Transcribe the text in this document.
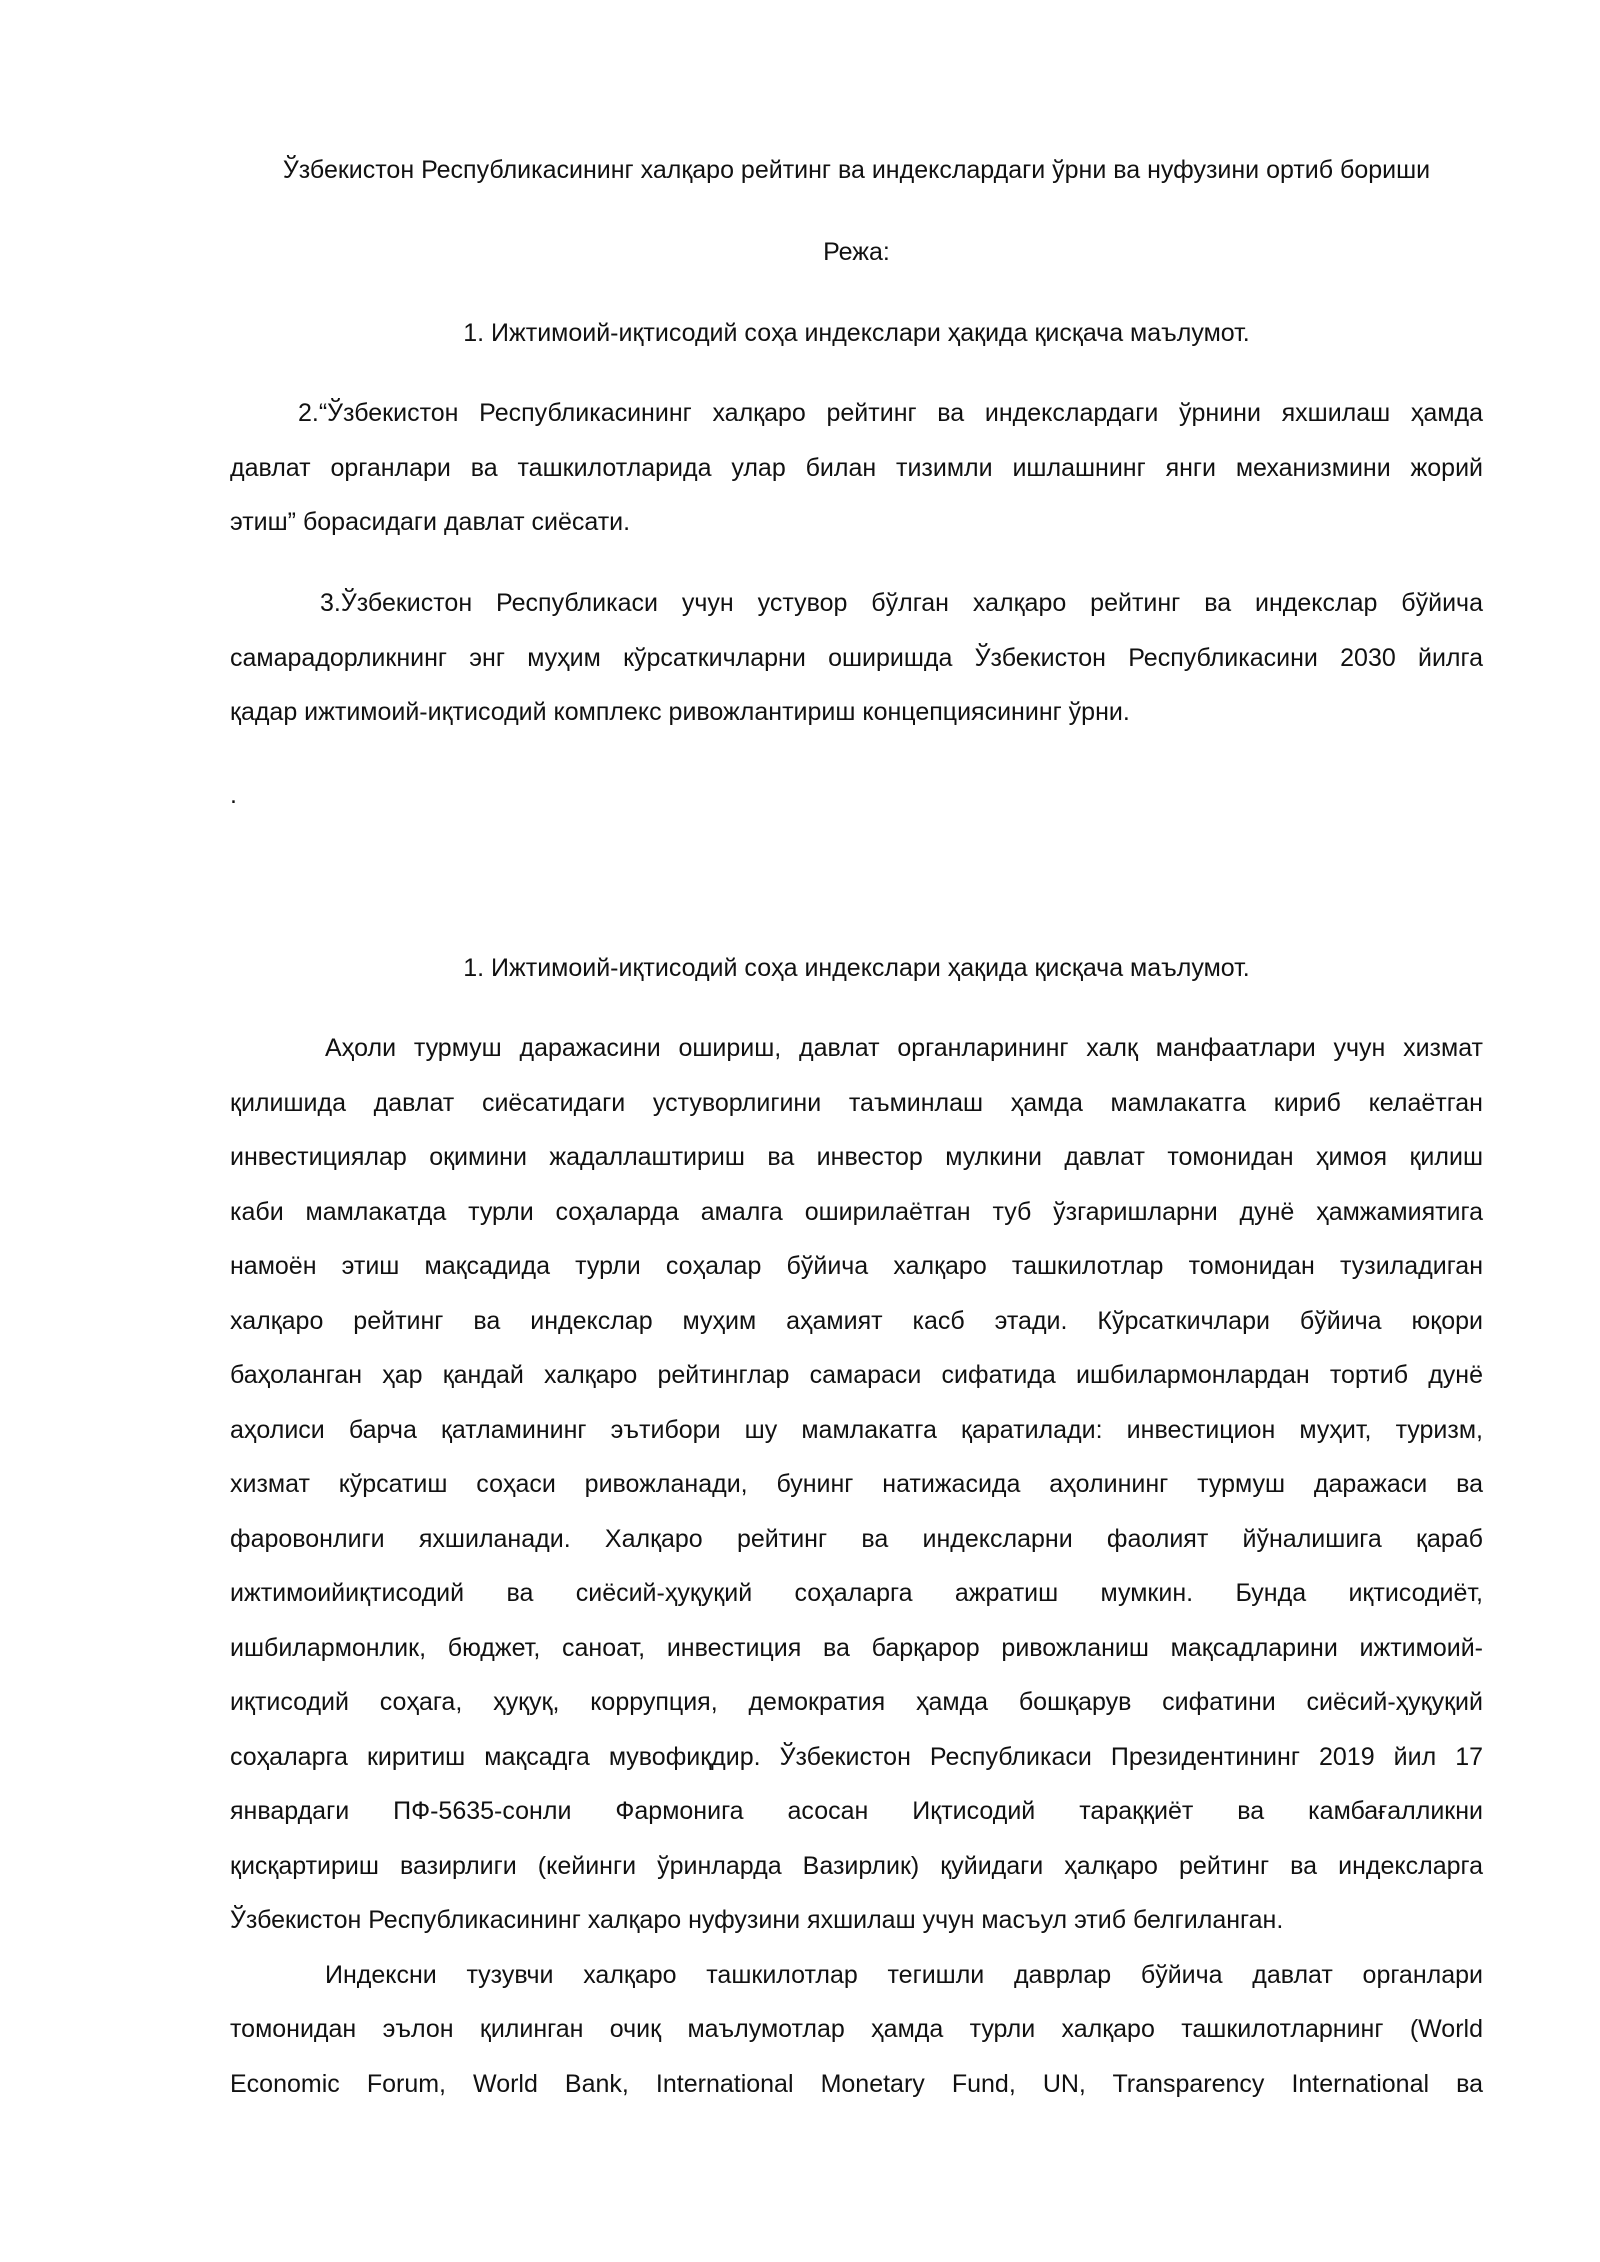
Ўзбекистон Республикасининг халқаро рейтинг ва индекслардаги ўрни ва нуфузини ортиб бориши
Режа:
1. Ижтимоий-иқтисодий соҳа индекслари ҳақида қисқача маълумот.
2.“Ўзбекистон Республикасининг халқаро рейтинг ва индекслардаги ўрнини яхшилаш ҳамда
давлат органлари ва ташкилотларида улар билан тизимли ишлашнинг янги механизмини жорий
этиш” борасидаги давлат сиёсати.
3.Ўзбекистон Республикаси учун устувор бўлган халқаро рейтинг ва индекслар бўйича
самарадорликнинг энг муҳим кўрсаткичларни оширишда Ўзбекистон Республикасини 2030 йилга
қадар ижтимоий-иқтисодий комплекс ривожлантириш концепциясининг ўрни.
.
1. Ижтимоий-иқтисодий соҳа индекслари ҳақида қисқача маълумот.
Аҳоли турмуш даражасини ошириш, давлат органларининг халқ манфаатлари учун хизмат
қилишида давлат сиёсатидаги устуворлигини таъминлаш ҳамда мамлакатга кириб келаётган
инвестициялар оқимини жадаллаштириш ва инвестор мулкини давлат томонидан ҳимоя қилиш
каби мамлакатда турли соҳаларда амалга оширилаётган туб ўзгаришларни дунё ҳамжамиятига
намоён этиш мақсадида турли соҳалар бўйича халқаро ташкилотлар томонидан тузиладиган
халқаро рейтинг ва индекслар муҳим аҳамият касб этади. Кўрсаткичлари бўйича юқори
баҳоланган ҳар қандай халқаро рейтинглар самараси сифатида ишбилармонлардан тортиб дунё
аҳолиси барча қатламининг эътибори шу мамлакатга қаратилади: инвестицион муҳит, туризм,
хизмат кўрсатиш соҳаси ривожланади, бунинг натижасида аҳолининг турмуш даражаси ва
фаровонлиги яхшиланади. Халқаро рейтинг ва индексларни фаолият йўналишига қараб
ижтимоийиқтисодий ва сиёсий-ҳуқуқий соҳаларга ажратиш мумкин. Бунда иқтисодиёт,
ишбилармонлик, бюджет, саноат, инвестиция ва барқарор ривожланиш мақсадларини ижтимоий-
иқтисодий соҳага, ҳуқуқ, коррупция, демократия ҳамда бошқарув сифатини сиёсий-ҳуқуқий
соҳаларга киритиш мақсадга мувофиқдир. Ўзбекистон Республикаси Президентининг 2019 йил 17
январдаги ПФ-5635-сонли Фармонига асосан Иқтисодий тараққиёт ва камбағалликни
қисқартириш вазирлиги (кейинги ўринларда Вазирлик) қуйидаги ҳалқаро рейтинг ва индексларга
Ўзбекистон Республикасининг халқаро нуфузини яхшилаш учун масъул этиб белгиланган.
Индексни тузувчи халқаро ташкилотлар тегишли даврлар бўйича давлат органлари
томонидан эълон қилинган очиқ маълумотлар ҳамда турли халқаро ташкилотларнинг (World
Economic Forum, World Bank, International Monetary Fund, UN, Transparency International ва
